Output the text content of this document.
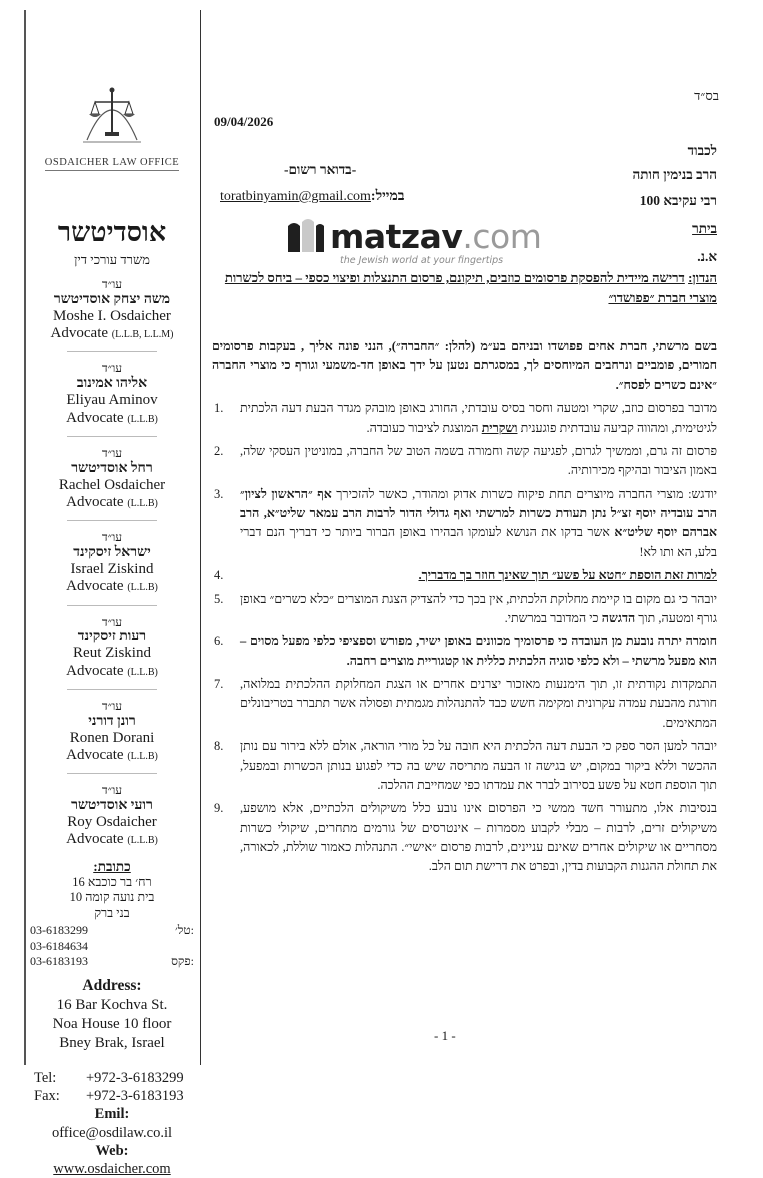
OSDAICHER LAW OFFICE
אוסדיטשר
משרד עורכי דין
עו״ד
משה יצחק אוסדיטשר
Moshe I. Osdaicher
Advocate (L.L.B, L.L.M)
עו״ד
אליהו אמינוב
Eliyau Aminov
Advocate (L.L.B)
עו״ד
רחל אוסדיטשר
Rachel Osdaicher
Advocate (L.L.B)
עו״ד
ישראל זיסקינד
Israel Ziskind
Advocate (L.L.B)
עו״ד
רעות זיסקינד
Reut Ziskind
Advocate (L.L.B)
עו״ד
רונן דורני
Ronen Dorani
Advocate (L.L.B)
עו״ד
רועי אוסדיטשר
Roy Osdaicher
Advocate (L.L.B)
כתובת:
רח׳ בר כוכבא 16
בית נועה קומה 10
בני ברק
03-6183299	טל׳:
03-6184634
03-6183193	פקס:
Address:
16 Bar Kochva St.
Noa House 10 floor
Bney Brak, Israel
Tel:	+972-3-6183299
Fax:	+972-3-6183193
Emil:
office@osdilaw.co.il
Web:
www.osdaicher.com
בס״ד
09/04/2026
לכבוד
הרב בנימין חותה
רבי עקיבא 100
ביתר
א.נ.
-בדואר רשום-
במייל:toratbinyamin@gmail.com
matzav.com
the Jewish world at your fingertips
הנדון: דרישה מיידית להפסקת פרסומים כוזבים, תיקונם, פרסום התנצלות ופיצוי כספי – ביחס לכשרות מוצרי חברת ״פפושדו״

בשם מרשתי, חברת אחים פפושדו ובניהם בע״מ (להלן: ״החברה״), הנני פונה אליך , בעקבות פרסומים חמורים, פומביים ונרחבים המיוחסים לך, במסגרתם נטען על ידך באופן חד-משמעי וגורף כי מוצרי החברה ״אינם כשרים לפסח״.

1.	מדובר בפרסום כוזב, שקרי ומטעה וחסר בסיס עובדתי, החורג באופן מובהק מגדר הבעת דעה הלכתית לגיטימית, ומהווה קביעה עובדתית פוגענית ושקרית המוצגת לציבור כעובדה.
2.	פרסום זה גרם, וממשיך לגרום, לפגיעה קשה וחמורה בשמה הטוב של החברה, במוניטין העסקי שלה, באמון הציבור ובהיקף מכירותיה.
3.	יודגש: מוצרי החברה מיוצרים תחת פיקוח כשרות אדוק ומהודר, כאשר להזכירך אף ״הראשון לציון״ הרב עובדיה יוסף זצ״ל נתן תעודת כשרות למרשתי ואף גדולי הדור לרבות הרב עמאר שליט״א, הרב אברהם יוסף שליט״א אשר בדקו את הנושא לעומקו הבהירו באופן הברור ביותר כי דבריך הנם דברי בלע, הא ותו לא!
4.	למרות זאת הוספת ״חטא על פשע״ תוך שאינך חוזר בך מדבריך.
5.	יובהר כי גם מקום בו קיימת מחלוקת הלכתית, אין בכך כדי להצדיק הצגת המוצרים ״כלא כשרים״ באופן גורף ומטעה, תוך הדגשה כי המדובר במרשתי.
6.	חומרה יתרה נובעת מן העובדה כי פרסומיך מכוונים באופן ישיר, מפורש וספציפי כלפי מפעל מסוים – הוא מפעל מרשתי – ולא כלפי סוגיה הלכתית כללית או קטגוריית מוצרים רחבה.
7.	התמקדות נקודתית זו, תוך הימנעות מאזכור יצרנים אחרים או הצגת המחלוקת ההלכתית במלואה, חורגת מהבעת עמדה עקרונית ומקימה חשש כבד להתנהלות מגמתית ופסולה אשר תתברר בטריבונלים המתאימים.
8.	יובהר למען הסר ספק כי הבעת דעה הלכתית היא חובה על כל מורי הוראה, אולם ללא בירור עם נותן ההכשר וללא ביקור במקום, יש בגישה זו הבעה מתריסה שיש בה כדי לפגוע בנותן הכשרות ובמפעל, תוך הוספת חטא על פשע בסירוב לברר את עמדתו כפי שמחייבת ההלכה.
9.	בנסיבות אלו, מתעורר חשד ממשי כי הפרסום אינו נובע כלל משיקולים הלכתיים, אלא מושפע, משיקולים זרים, לרבות – מבלי לקבוע מסמרות – אינטרסים של גורמים מתחרים, שיקולי כשרות מסחריים או שיקולים אחרים שאינם עניינים, לרבות פרסום ״אישי״. התנהלות כאמור שוללת, לכאורה, את תחולת ההגנות הקבועות בדין, ובפרט את דרישת תום הלב.
- 1 -
